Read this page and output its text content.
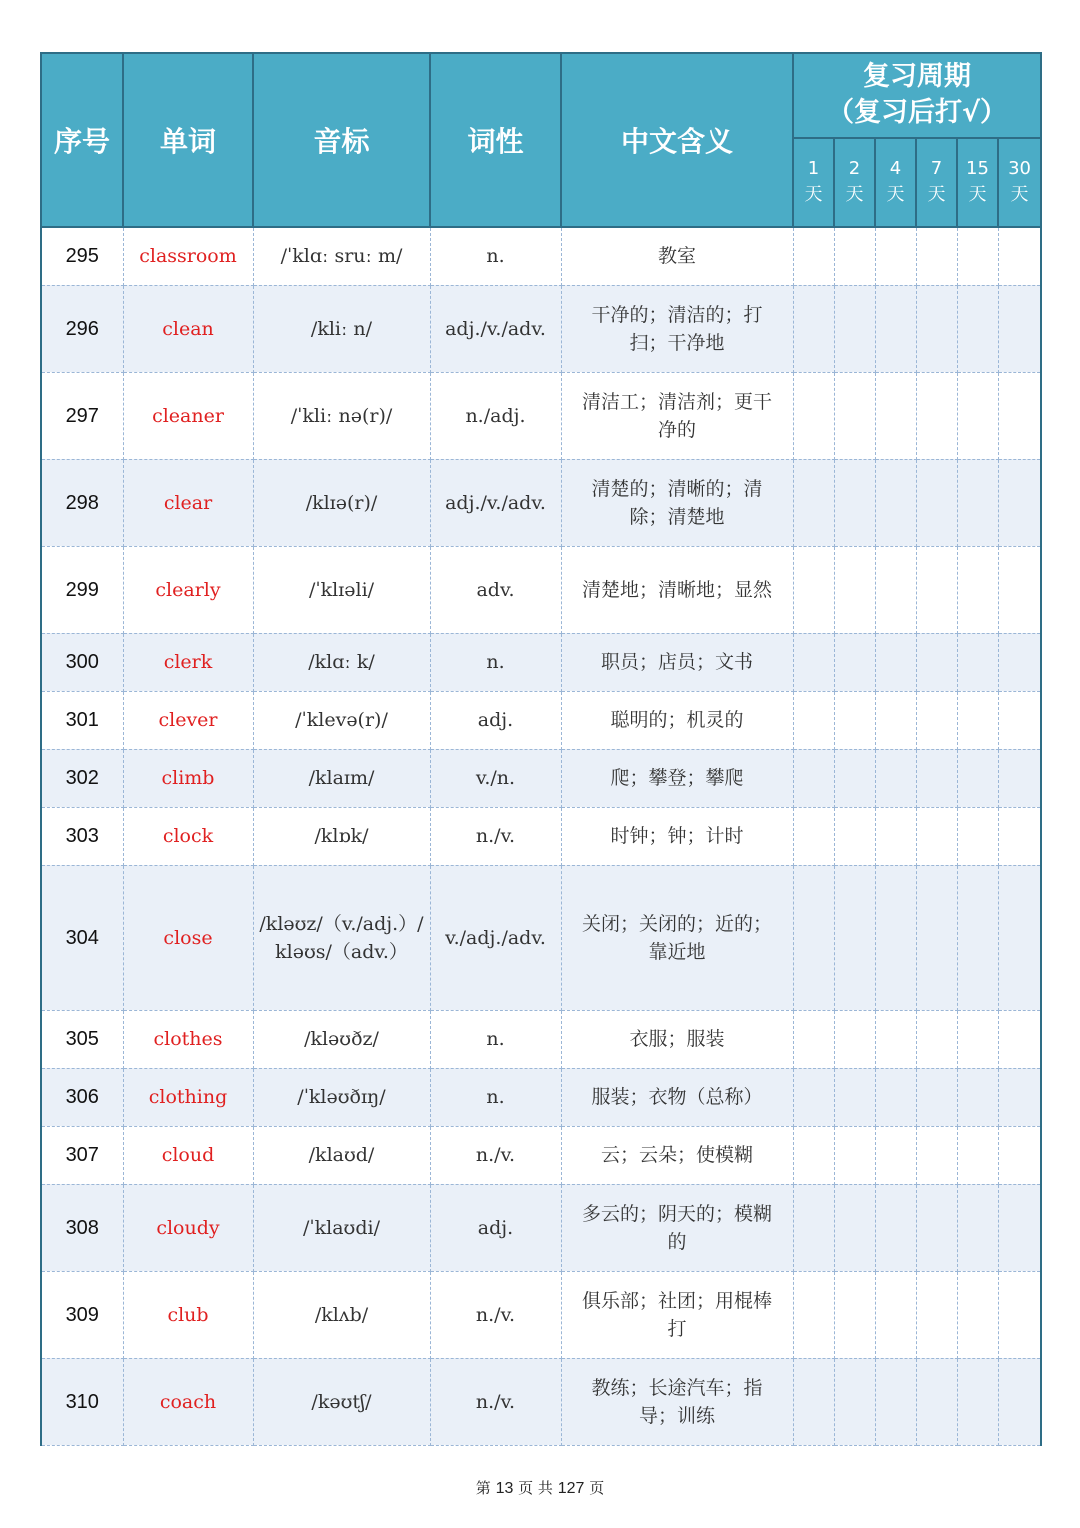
序号	单词	音标	词性	中文含义	复习周期
（复习后打√）					

					1天	2天	4天	7天	15天	30天
295	classroom	/ˈklɑː sruː m/	n.	教室						
296	clean	/kliː n/	adj./v./adv.	干净的；清洁的；打扫；干净地						
297	cleaner	/ˈkliː nə(r)/	n./adj.	清洁工；清洁剂；更干净的						
298	clear	/klɪə(r)/	adj./v./adv.	清楚的；清晰的；清除；清楚地						
299	clearly	/ˈklɪəli/	adv.	清楚地；清晰地；显然						
300	clerk	/klɑː k/	n.	职员；店员；文书						
301	clever	/ˈklevə(r)/	adj.	聪明的；机灵的						
302	climb	/klaɪm/	v./n.	爬；攀登；攀爬						
303	clock	/klɒk/	n./v.	时钟；钟；计时						
304	close	/kləʊz/（v./adj.）/kləʊs/（adv.）	v./adj./adv.	关闭；关闭的；近的；靠近地						
305	clothes	/kləʊðz/	n.	衣服；服装						
306	clothing	/ˈkləʊðɪŋ/	n.	服装；衣物（总称）						
307	cloud	/klaʊd/	n./v.	云；云朵；使模糊						
308	cloudy	/ˈklaʊdi/	adj.	多云的；阴天的；模糊的						
309	club	/klʌb/	n./v.	俱乐部；社团；用棍棒打						
310	coach	/kəʊtʃ/	n./v.	教练；长途汽车；指导；训练						
第 13 页 共 127 页
